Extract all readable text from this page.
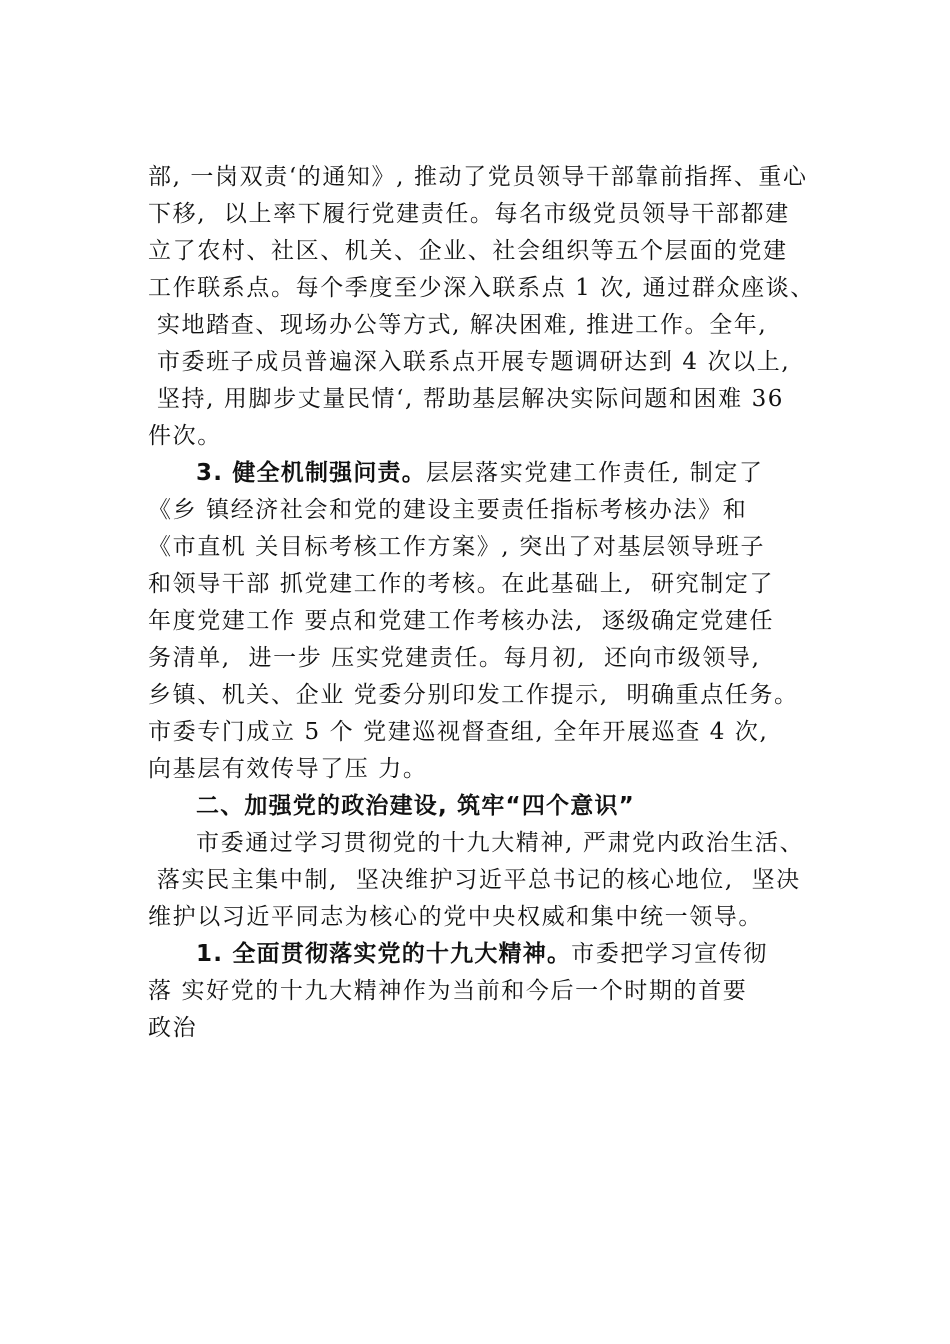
部, 一岗双责‘的通知》, 推动了党员领导干部靠前指挥、重心
下移,  以上率下履行党建责任。每名市级党员领导干部都建
立了农村、社区、机关、企业、社会组织等五个层面的党建
工作联系点。每个季度至少深入联系点 1 次, 通过群众座谈、
实地踏查、现场办公等方式, 解决困难, 推进工作。全年,
市委班子成员普遍深入联系点开展专题调研达到 4 次以上,
坚持, 用脚步丈量民情‘, 帮助基层解决实际问题和困难 36
件次。
3. 健全机制强问责。层层落实党建工作责任, 制定了
《乡 镇经济社会和党的建设主要责任指标考核办法》和
《市直机 关目标考核工作方案》, 突出了对基层领导班子
和领导干部 抓党建工作的考核。在此基础上,  研究制定了
年度党建工作 要点和党建工作考核办法,  逐级确定党建任
务清单,  进一步 压实党建责任。每月初,  还向市级领导,
乡镇、机关、企业 党委分别印发工作提示,  明确重点任务。
市委专门成立 5 个 党建巡视督查组, 全年开展巡查 4 次,
向基层有效传导了压 力。
二、加强党的政治建设, 筑牢“四个意识”
市委通过学习贯彻党的十九大精神, 严肃党内政治生活、
落实民主集中制,  坚决维护习近平总书记的核心地位,  坚决
维护以习近平同志为核心的党中央权威和集中统一领导。
1. 全面贯彻落实党的十九大精神。市委把学习宣传彻
落 实好党的十九大精神作为当前和今后一个时期的首要
政治
